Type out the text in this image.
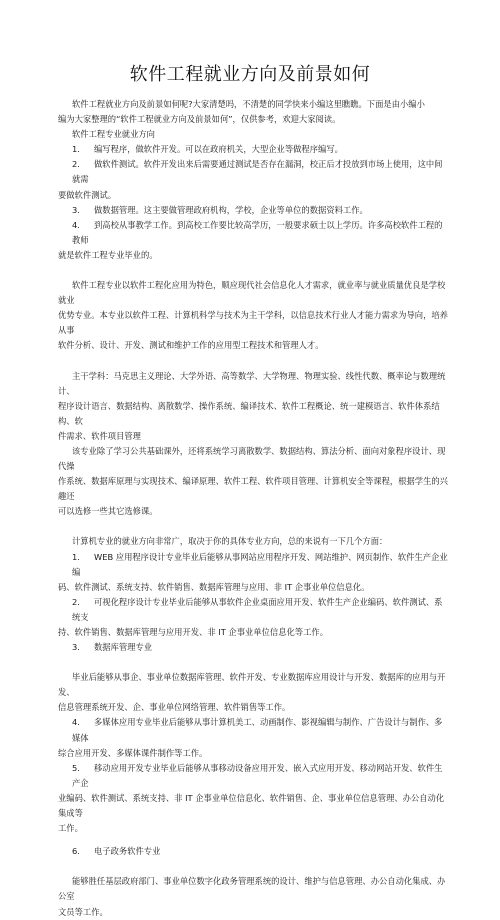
软件工程就业方向及前景如何

软件工程就业方向及前景如何呢?大家清楚吗，不清楚的同学快来小编这里瞧瞧。下面是由小编小

编为大家整理的“软件工程就业方向及前景如何”，仅供参考，欢迎大家阅读。

软件工程专业就业方向

1. 编写程序，做软件开发。可以在政府机关，大型企业等做程序编写。

2. 做软件测试。软件开发出来后需要通过测试是否存在漏洞，校正后才投放到市场上使用，这中间就需

要做软件测试。

3. 做数据管理。这主要做管理政府机构，学校，企业等单位的数据资料工作。

4. 到高校从事教学工作。到高校工作要比较高学历，一般要求硕士以上学历。许多高校软件工程的教师

就是软件工程专业毕业的。

软件工程专业以软件工程化应用为特色，顺应现代社会信息化人才需求，就业率与就业质量优良是学校就业

优势专业。本专业以软件工程、计算机科学与技术为主干学科，以信息技术行业人才能力需求为导向，培养从事

软件分析、设计、开发、测试和维护工作的应用型工程技术和管理人才。

主干学科：马克思主义理论、大学外语、高等数学、大学物理、物理实验、线性代数、概率论与数理统计、

程序设计语言、数据结构、离散数学、操作系统、编译技术、软件工程概论、统一建模语言、软件体系结构、软

件需求、软件项目管理

该专业除了学习公共基础课外，还将系统学习离散数学、数据结构、算法分析、面向对象程序设计、现代操

作系统、数据库原理与实现技术、编译原理、软件工程、软件项目管理、计算机安全等课程，根据学生的兴趣还

可以选修一些其它选修课。

计算机专业的就业方向非常广，取决于你的具体专业方向，总的来说有一下几个方面：

1. WEB 应用程序设计专业毕业后能够从事网站应用程序开发、网站维护、网页制作、软件生产企业编

码、软件测试、系统支持、软件销售、数据库管理与应用、非 IT 企事业单位信息化。

2. 可视化程序设计专业毕业后能够从事软件企业桌面应用开发、软件生产企业编码、软件测试、系统支

持、软件销售、数据库管理与应用开发、非 IT 企事业单位信息化等工作。

3. 数据库管理专业

毕业后能够从事企、事业单位数据库管理、软件开发、专业数据库应用设计与开发、数据库的应用与开发、

信息管理系统开发、企、事业单位网络管理、软件销售等工作。

4. 多媒体应用专业毕业后能够从事计算机美工、动画制作、影视编辑与制作、广告设计与制作、多媒体

综合应用开发、多媒体课件制作等工作。

5. 移动应用开发专业毕业后能够从事移动设备应用开发、嵌入式应用开发、移动网站开发、软件生产企

业编码、软件测试、系统支持、非 IT 企事业单位信息化、软件销售、企、事业单位信息管理、办公自动化集成等

工作。

6. 电子政务软件专业

能够胜任基层政府部门、事业单位数字化政务管理系统的设计、维护与信息管理、办公自动化集成、办公室

文员等工作。
